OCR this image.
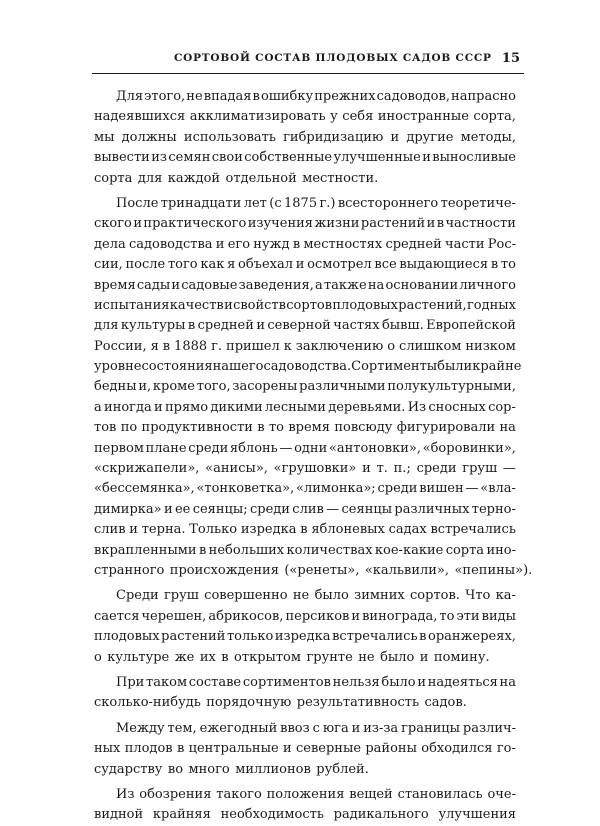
СОРТОВОЙ СОСТАВ ПЛОДОВЫХ САДОВ СССР 15
Для этого, не впадая в ошибку прежних садоводов, напрасно
надеявшихся акклиматизировать у себя иностранные сорта,
мы должны использовать гибридизацию и другие методы,
вывести из семян свои собственные улучшенные и выносливые
сорта для каждой отдельной местности.
После тринадцати лет (с 1875 г.) всестороннего теоретиче-
ского и практического изучения жизни растений и в частности
дела садоводства и его нужд в местностях средней части Рос-
сии, после того как я объехал и осмотрел все выдающиеся в то
время сады и садовые заведения, а также на основании личного
испытания качеств и свойств сортов плодовых растений, годных
для культуры в средней и северной частях бывш. Европейской
России, я в 1888 г. пришел к заключению о слишком низком
уровне состояния нашего садоводства. Сортименты были крайне
бедны и, кроме того, засорены различными полукультурными,
а иногда и прямо дикими лесными деревьями. Из сносных сор-
тов по продуктивности в то время повсюду фигурировали на
первом плане среди яблонь — одни «антоновки», «боровинки»,
«скрижапели», «анисы», «грушовки» и т. п.; среди груш —
«бессемянка», «тонковетка», «лимонка»; среди вишен — «вла-
димирка» и ее сеянцы; среди слив — сеянцы различных терно-
слив и терна. Только изредка в яблоневых садах встречались
вкрапленными в небольших количествах кое-какие сорта ино-
странного происхождения («ренеты», «кальвили», «пепины»).
Среди груш совершенно не было зимних сортов. Что ка-
сается черешен, абрикосов, персиков и винограда, то эти виды
плодовых растений только изредка встречались в оранжереях,
о культуре же их в открытом грунте не было и помину.
При таком составе сортиментов нельзя было и надеяться на
сколько-нибудь порядочную результативность садов.
Между тем, ежегодный ввоз с юга и из-за границы различ-
ных плодов в центральные и северные районы обходился го-
сударству во много миллионов рублей.
Из обозрения такого положения вещей становилась оче-
видной крайняя необходимость радикального улучшения
